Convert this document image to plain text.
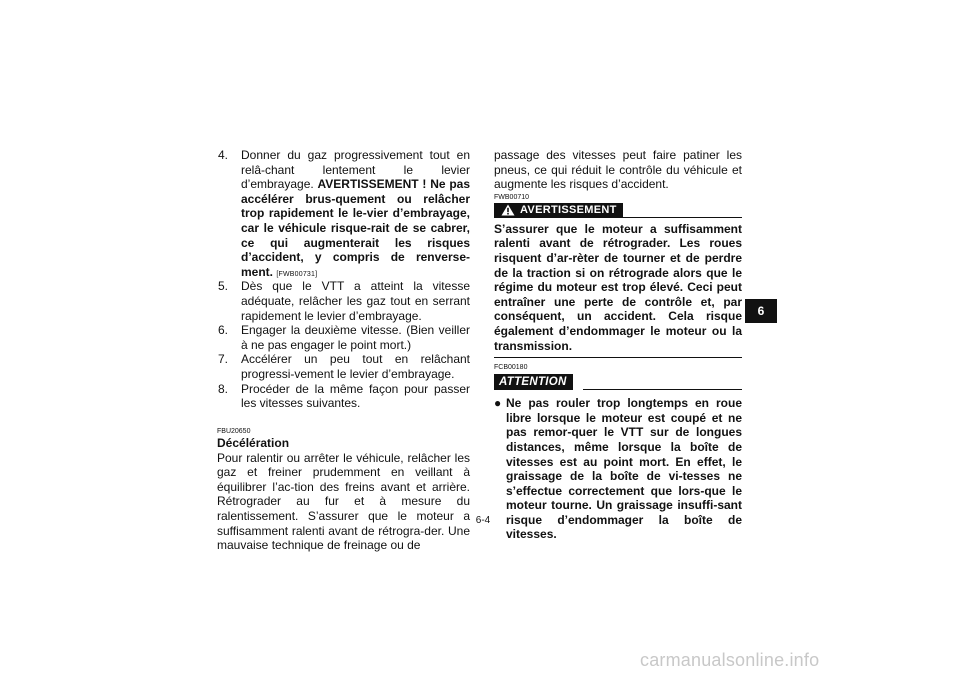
4.	Donner du gaz progressivement tout en relâ-chant lentement le levier d’embrayage. AVERTISSEMENT ! Ne pas accélérer brus-quement ou relâcher trop rapidement le le-vier d’embrayage, car le véhicule risque-rait de se cabrer, ce qui augmenterait les risques d’accident, y compris de renverse-ment. [FWB00731]
5.	Dès que le VTT a atteint la vitesse adéquate, relâcher les gaz tout en serrant rapidement le levier d’embrayage.
6.	Engager la deuxième vitesse. (Bien veiller à ne pas engager le point mort.)
7.	Accélérer un peu tout en relâchant progressi-vement le levier d’embrayage.
8.	Procéder de la même façon pour passer les vitesses suivantes.

FBU20650

Décélération

Pour ralentir ou arrêter le véhicule, relâcher les gaz et freiner prudemment en veillant à équilibrer l’ac-tion des freins avant et arrière. Rétrograder au fur et à mesure du ralentissement. S’assurer que le moteur a suffisamment ralenti avant de rétrogra-der. Une mauvaise technique de freinage ou de

passage des vitesses peut faire patiner les pneus, ce qui réduit le contrôle du véhicule et augmente les risques d’accident.

FWB00710

AVERTISSEMENT

S’assurer que le moteur a suffisamment ralenti avant de rétrograder. Les roues risquent d’ar-rèter de tourner et de perdre de la traction si on rétrograde alors que le régime du moteur est trop élevé. Ceci peut entraîner une perte de contrôle et, par conséquent, un accident. Cela risque également d’endommager le moteur ou la transmission.

FCB00180

ATTENTION
● Ne pas rouler trop longtemps en roue libre lorsque le moteur est coupé et ne pas remor-quer le VTT sur de longues distances, même lorsque la boîte de vitesses est au point mort. En effet, le graissage de la boîte de vi-tesses ne s’effectue correctement que lors-que le moteur tourne. Un graissage insuffi-sant risque d’endommager la boîte de vitesses.
6
6-4
carmanualsonline.info
